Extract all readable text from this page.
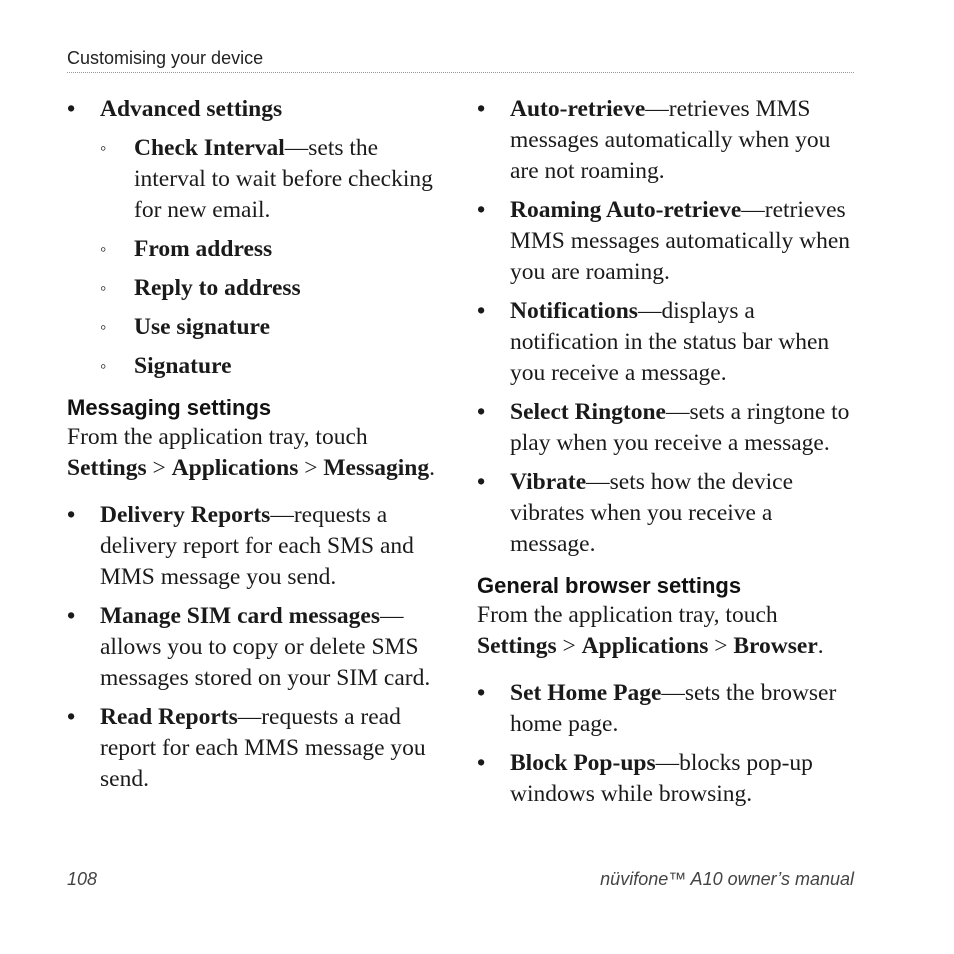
Customising your device
• Advanced settings
◦ Check Interval—sets the interval to wait before checking for new email.
◦ From address
◦ Reply to address
◦ Use signature
◦ Signature
Messaging settings
From the application tray, touch
Settings > Applications > Messaging.
• Delivery Reports—requests a delivery report for each SMS and MMS message you send.
• Manage SIM card messages— allows you to copy or delete SMS messages stored on your SIM card.
• Read Reports—requests a read report for each MMS message you send.
• Auto-retrieve—retrieves MMS messages automatically when you are not roaming.
• Roaming Auto-retrieve—retrieves MMS messages automatically when you are roaming.
• Notifications—displays a notification in the status bar when you receive a message.
• Select Ringtone—sets a ringtone to play when you receive a message.
• Vibrate—sets how the device vibrates when you receive a message.
General browser settings
From the application tray, touch
Settings > Applications > Browser.
• Set Home Page—sets the browser home page.
• Block Pop-ups—blocks pop-up windows while browsing.
108	nüvifone™ A10 owner’s manual
